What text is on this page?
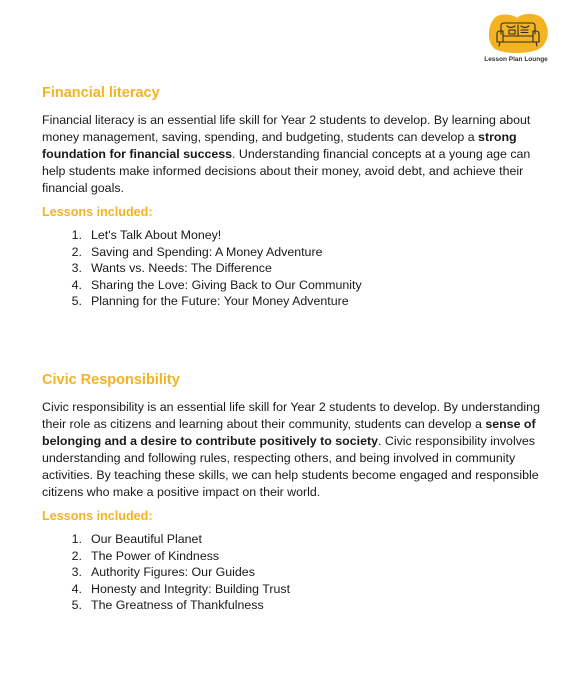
Lesson Plan Lounge
Financial literacy

Financial literacy is an essential life skill for Year 2 students to develop. By learning about money management, saving, spending, and budgeting, students can develop a strong foundation for financial success. Understanding financial concepts at a young age can help students make informed decisions about their money, avoid debt, and achieve their financial goals.

Lessons included:
1. Let's Talk About Money!
2. Saving and Spending: A Money Adventure
3. Wants vs. Needs: The Difference
4. Sharing the Love: Giving Back to Our Community
5. Planning for the Future: Your Money Adventure
Civic Responsibility

Civic responsibility is an essential life skill for Year 2 students to develop. By understanding their role as citizens and learning about their community, students can develop a sense of belonging and a desire to contribute positively to society. Civic responsibility involves understanding and following rules, respecting others, and being involved in community activities. By teaching these skills, we can help students become engaged and responsible citizens who make a positive impact on their world.

Lessons included:
1. Our Beautiful Planet
2. The Power of Kindness
3. Authority Figures: Our Guides
4. Honesty and Integrity: Building Trust
5. The Greatness of Thankfulness
